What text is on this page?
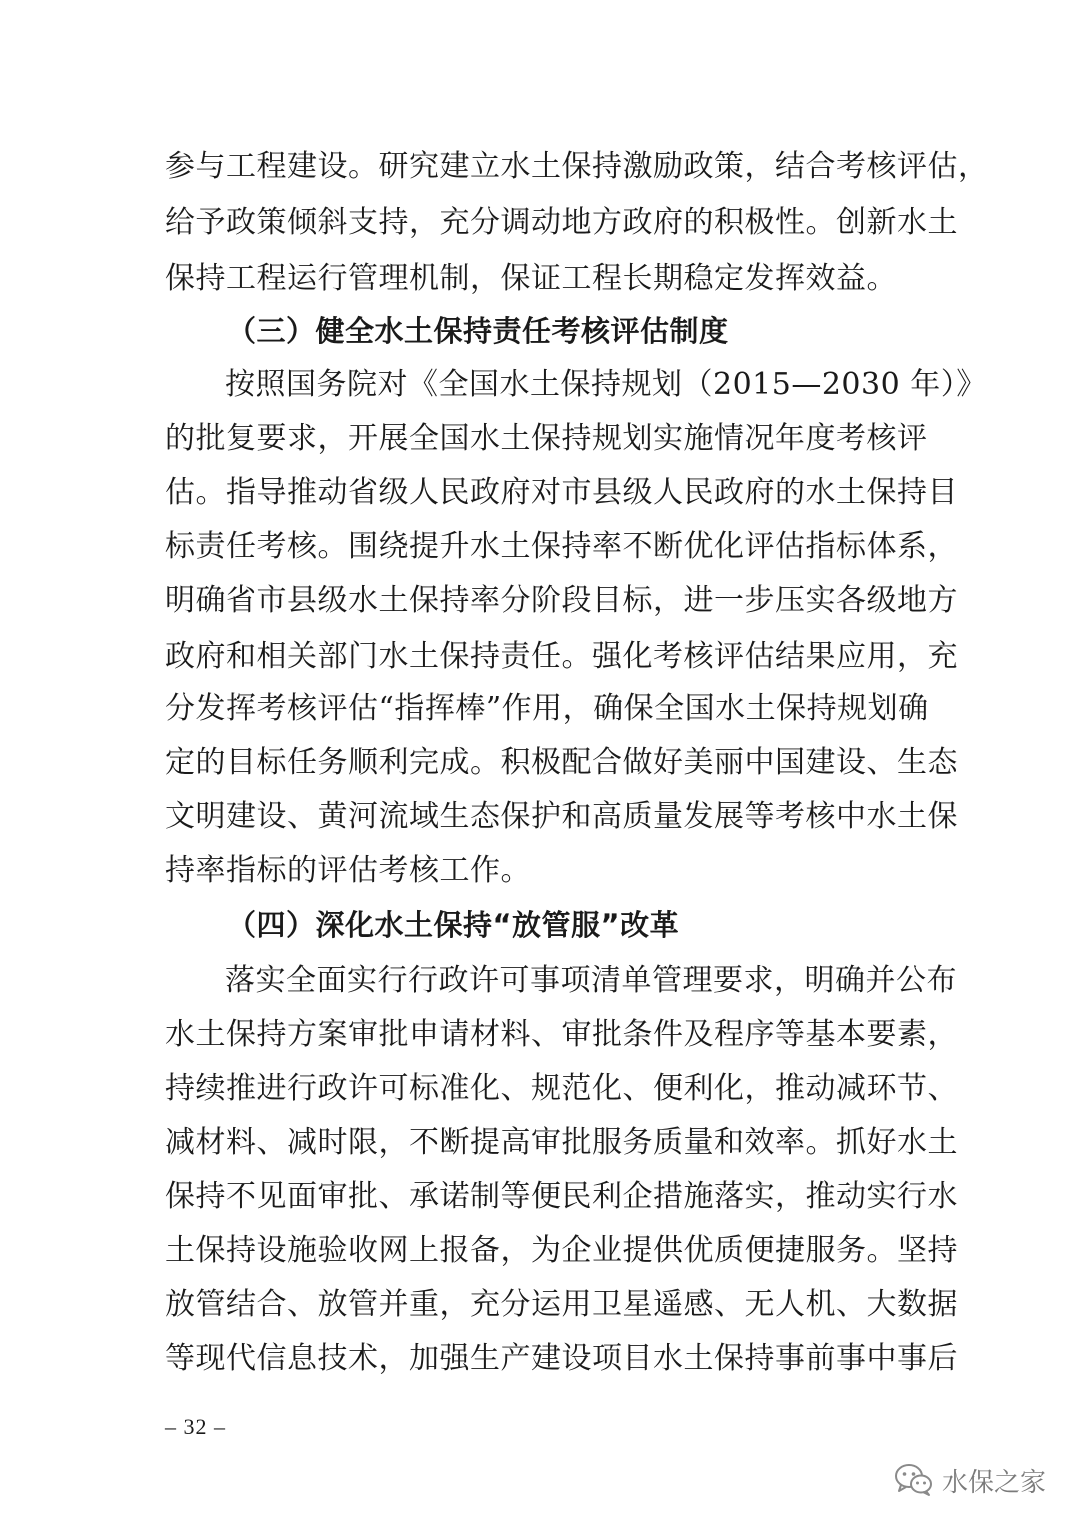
参与工程建设。研究建立水土保持激励政策，结合考核评估，
给予政策倾斜支持，充分调动地方政府的积极性。创新水土
保持工程运行管理机制，保证工程长期稳定发挥效益。
（三）健全水土保持责任考核评估制度
按照国务院对《全国水土保持规划（2015—2030 年）》
的批复要求，开展全国水土保持规划实施情况年度考核评
估。指导推动省级人民政府对市县级人民政府的水土保持目
标责任考核。围绕提升水土保持率不断优化评估指标体系，
明确省市县级水土保持率分阶段目标，进一步压实各级地方
政府和相关部门水土保持责任。强化考核评估结果应用，充
分发挥考核评估“指挥棒”作用，确保全国水土保持规划确
定的目标任务顺利完成。积极配合做好美丽中国建设、生态
文明建设、黄河流域生态保护和高质量发展等考核中水土保
持率指标的评估考核工作。
（四）深化水土保持“放管服”改革
落实全面实行行政许可事项清单管理要求，明确并公布
水土保持方案审批申请材料、审批条件及程序等基本要素，
持续推进行政许可标准化、规范化、便利化，推动减环节、
减材料、减时限，不断提高审批服务质量和效率。抓好水土
保持不见面审批、承诺制等便民利企措施落实，推动实行水
土保持设施验收网上报备，为企业提供优质便捷服务。坚持
放管结合、放管并重，充分运用卫星遥感、无人机、大数据
等现代信息技术，加强生产建设项目水土保持事前事中事后
– 32 –
水保之家
